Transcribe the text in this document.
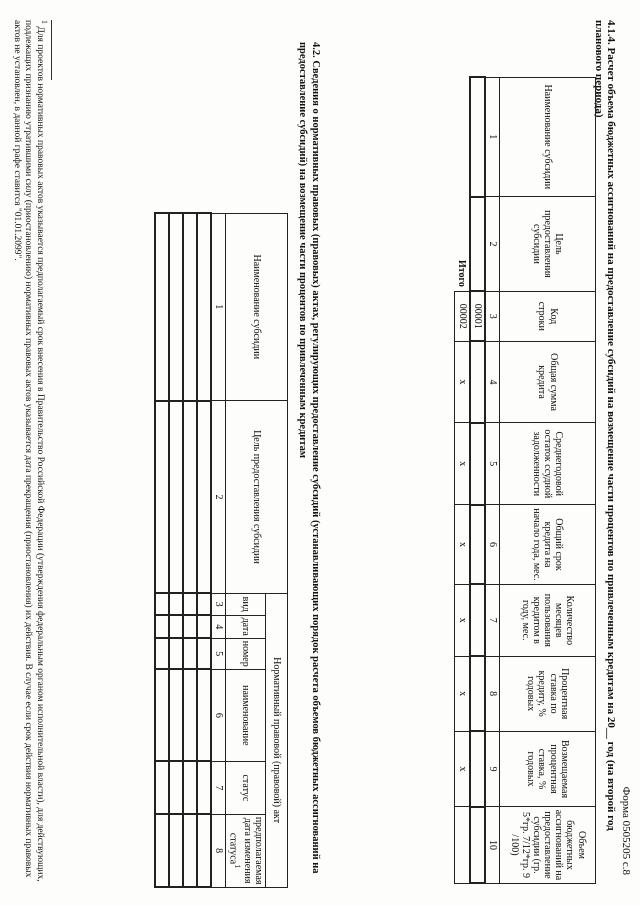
Форма 0505205 с.8
4.1.4. Расчет объема бюджетных ассигнований на предоставление субсидий на возмещение части процентов по привлеченным кредитам на 20__ год (на второй год планового периода)
Наименование субсидии	Цель предоставления субсидии	Код строки	Общая сумма кредита	Среднегодовой остаток ссудной задолженности	Общий срок кредита на начало года, мес.	Количество месяцев пользования кредитом в году, мес.	Процентная ставка по кредиту, % годовых	Возмещаемая процентная ставка, % годовых	Объем бюджетных ассигнований на предоставление субсидии (гр. 5*гр. 7/12*гр. 9 /100)
1	2	3	4	5	6	7	8	9	10
		00001							
Итого		00002	x	x	x	x	x	x	
4.2. Сведения о нормативных правовых (правовых) актах, регулирующих предоставление субсидий (устанавливающих порядок расчета объемов бюджетных ассигнований на предоставление субсидий) на возмещение части процентов по привлеченным кредитам
Наименование субсидии	Цель предоставления субсидии	Нормативный правовой (правовой) акт					
		вид	дата	номер	наименование	статус	предполагаемая дата изменения статуса$^1$
1	2	3	4	5	6	7	8

$^1$ Для проектов нормативных правовых актов указывается предполагаемый срок внесения в Правительство Российской Федерации (утверждения федеральным органом исполнительной власти), для действующих, подлежащих признанию утратившими силу (приостановлению) нормативных правовых актов указывается дата прекращения (приостановления) их действия. В случае если срок действия нормативных правовых актов не установлен, в данной графе ставится "01.01.2099".
